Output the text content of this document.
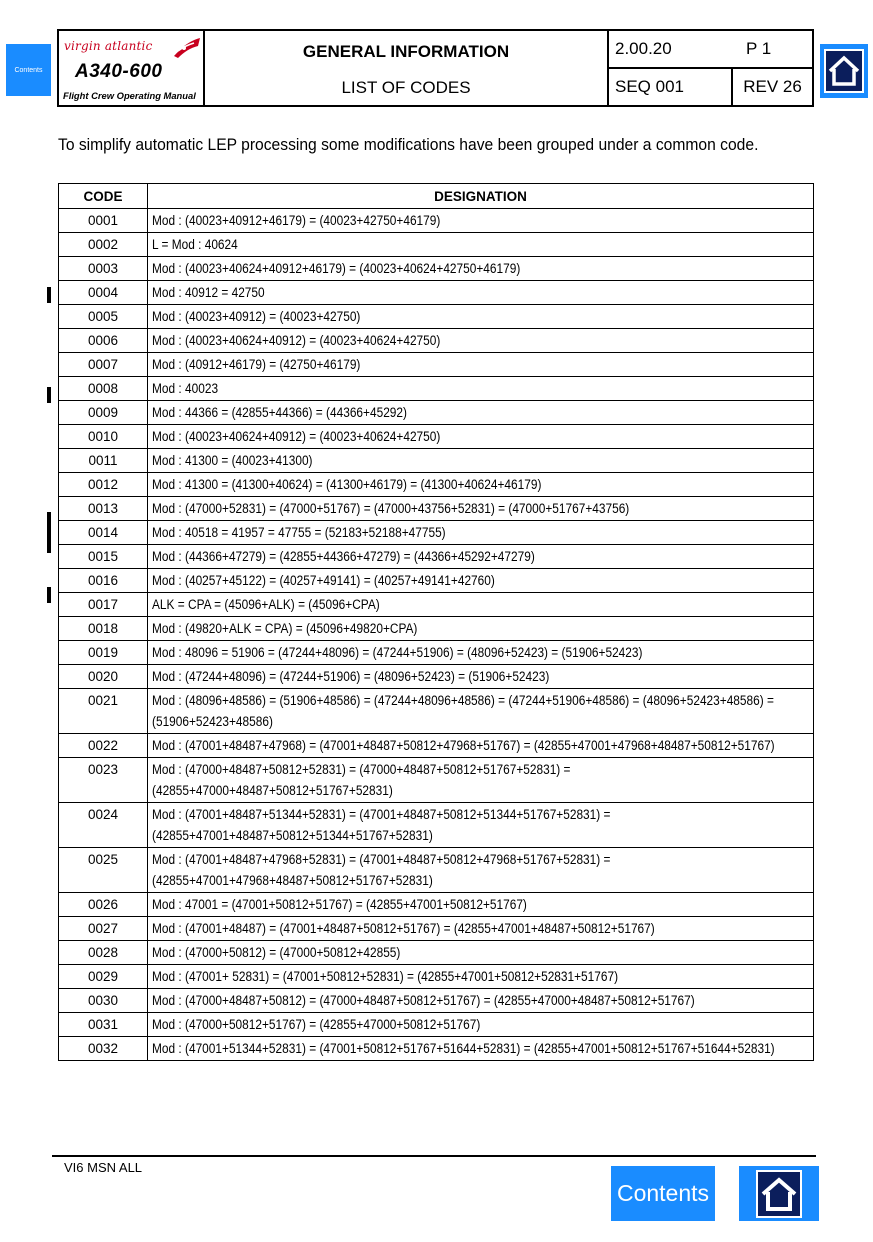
Contents
virgin atlantic
A340-600
Flight Crew Operating Manual

GENERAL INFORMATION
LIST OF CODES

2.00.20	P 1
SEQ 001	REV 26
To simplify automatic LEP processing some modifications have been grouped under a common code.
CODE	DESIGNATION
0001	Mod : (40023+40912+46179) = (40023+42750+46179)
0002	L = Mod : 40624
0003	Mod : (40023+40624+40912+46179) = (40023+40624+42750+46179)
0004	Mod : 40912 = 42750
0005	Mod : (40023+40912) = (40023+42750)
0006	Mod : (40023+40624+40912) = (40023+40624+42750)
0007	Mod : (40912+46179) = (42750+46179)
0008	Mod : 40023
0009	Mod : 44366 = (42855+44366) = (44366+45292)
0010	Mod : (40023+40624+40912) = (40023+40624+42750)
0011	Mod : 41300 = (40023+41300)
0012	Mod : 41300 = (41300+40624) = (41300+46179) = (41300+40624+46179)
0013	Mod : (47000+52831) = (47000+51767) = (47000+43756+52831) = (47000+51767+43756)
0014	Mod : 40518 = 41957 = 47755 = (52183+52188+47755)
0015	Mod : (44366+47279) = (42855+44366+47279) = (44366+45292+47279)
0016	Mod : (40257+45122) = (40257+49141) = (40257+49141+42760)
0017	ALK = CPA = (45096+ALK) = (45096+CPA)
0018	Mod : (49820+ALK = CPA) = (45096+49820+CPA)
0019	Mod : 48096 = 51906 = (47244+48096) = (47244+51906) = (48096+52423) = (51906+52423)
0020	Mod : (47244+48096) = (47244+51906) = (48096+52423) = (51906+52423)
0021	Mod : (48096+48586) = (51906+48586) = (47244+48096+48586) = (47244+51906+48586) = (48096+52423+48586) = (51906+52423+48586)
0022	Mod : (47001+48487+47968) = (47001+48487+50812+47968+51767) = (42855+47001+47968+48487+50812+51767)
0023	Mod : (47000+48487+50812+52831) = (47000+48487+50812+51767+52831) = (42855+47000+48487+50812+51767+52831)
0024	Mod : (47001+48487+51344+52831) = (47001+48487+50812+51344+51767+52831) = (42855+47001+48487+50812+51344+51767+52831)
0025	Mod : (47001+48487+47968+52831) = (47001+48487+50812+47968+51767+52831) = (42855+47001+47968+48487+50812+51767+52831)
0026	Mod : 47001 = (47001+50812+51767) = (42855+47001+50812+51767)
0027	Mod : (47001+48487) = (47001+48487+50812+51767) = (42855+47001+48487+50812+51767)
0028	Mod : (47000+50812) = (47000+50812+42855)
0029	Mod : (47001+ 52831) = (47001+50812+52831) = (42855+47001+50812+52831+51767)
0030	Mod : (47000+48487+50812) = (47000+48487+50812+51767) = (42855+47000+48487+50812+51767)
0031	Mod : (47000+50812+51767) = (42855+47000+50812+51767)
0032	Mod : (47001+51344+52831) = (47001+50812+51767+51644+52831) = (42855+47001+50812+51767+51644+52831)
VI6 MSN ALL
Contents
